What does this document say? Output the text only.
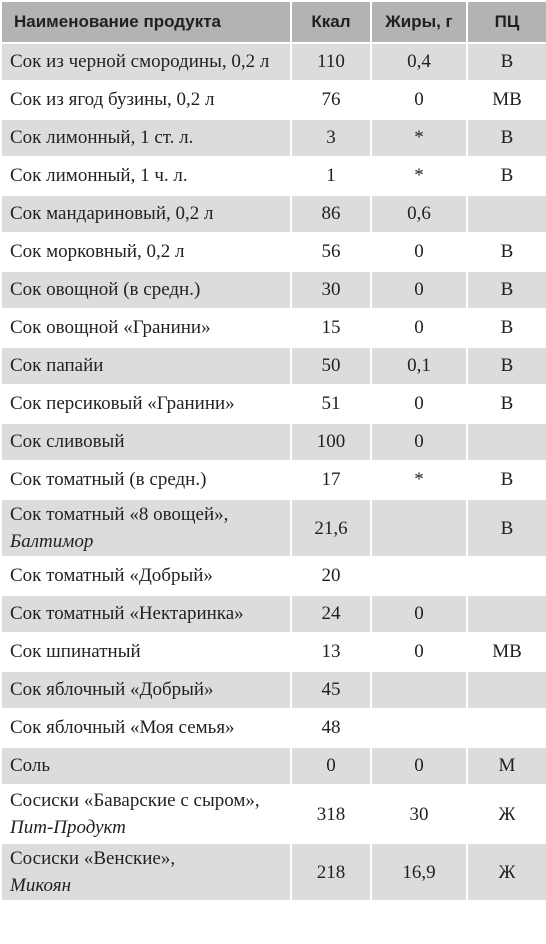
Наименование продукта	Ккал	Жиры, г	ПЦ
Сок из черной смородины, 0,2 л	110	0,4	В
Сок из ягод бузины, 0,2 л	76	0	МВ
Сок лимонный, 1 ст. л.	3	*	В
Сок лимонный, 1 ч. л.	1	*	В
Сок мандариновый, 0,2 л	86	0,6	
Сок морковный, 0,2 л	56	0	В
Сок овощной (в средн.)	30	0	В
Сок овощной «Гранини»	15	0	В
Сок папайи	50	0,1	В
Сок персиковый «Гранини»	51	0	В
Сок сливовый	100	0	
Сок томатный (в средн.)	17	*	В
Сок томатный «8 овощей»,
Балтимор	21,6		В
Сок томатный «Добрый»	20		
Сок томатный «Нектаринка»	24	0	
Сок шпинатный	13	0	МВ
Сок яблочный «Добрый»	45		
Сок яблочный «Моя семья»	48		
Соль	0	0	М
Сосиски «Баварские с сыром»,
Пит-Продукт	318	30	Ж
Сосиски «Венские»,
Микоян	218	16,9	Ж
